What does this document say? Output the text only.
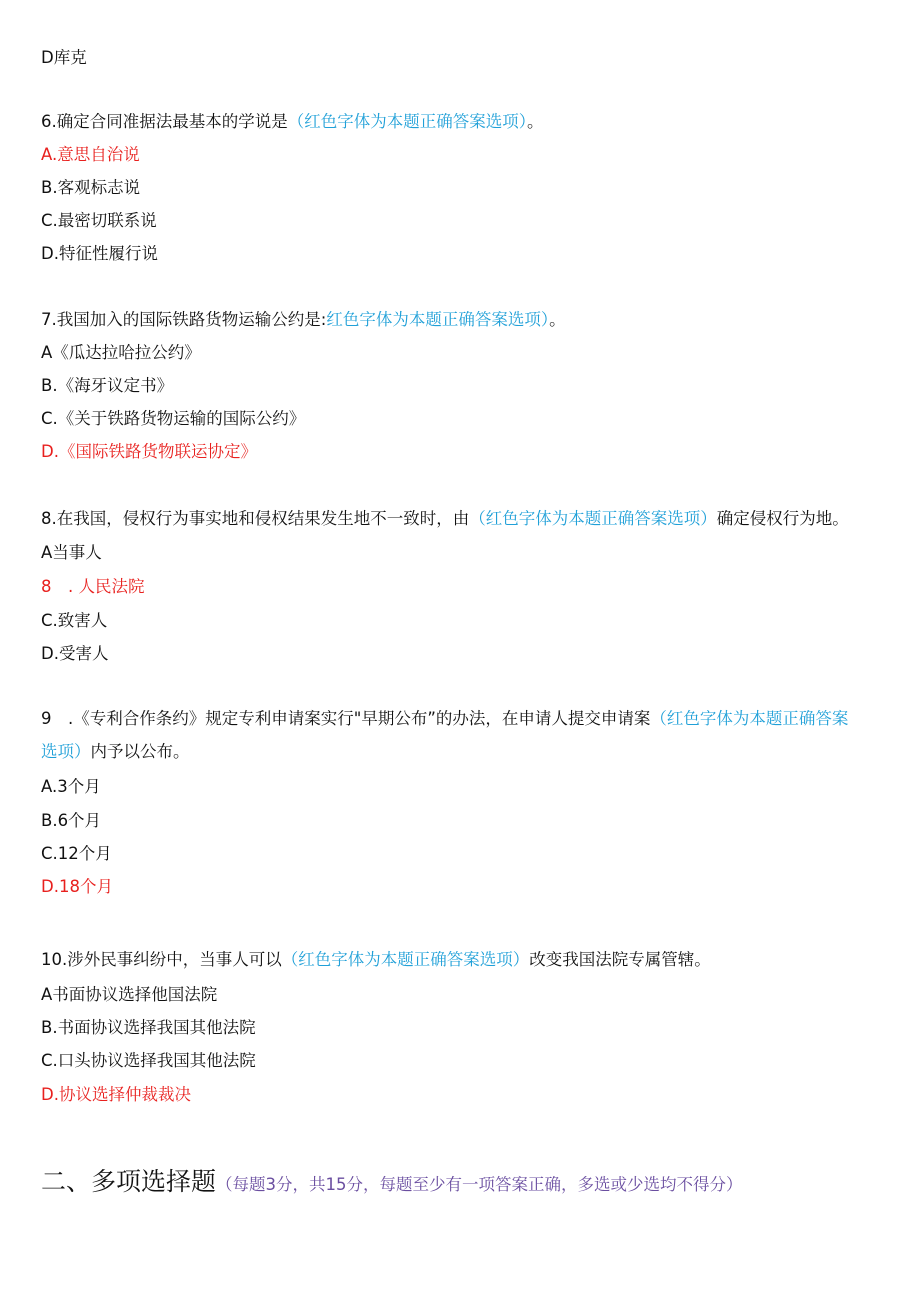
D库克
6.确定合同准据法最基本的学说是（红色字体为本题正确答案选项）。
A.意思自治说
B.客观标志说
C.最密切联系说
D.特征性履行说
7.我国加入的国际铁路货物运输公约是:红色字体为本题正确答案选项）。
A《瓜达拉哈拉公约》
B.《海牙议定书》
C.《关于铁路货物运输的国际公约》
D.《国际铁路货物联运协定》
8.在我国，侵权行为事实地和侵权结果发生地不一致时，由（红色字体为本题正确答案选项）确定侵权行为地。
A当事人
8　. 人民法院
C.致害人
D.受害人
9　.《专利合作条约》规定专利申请案实行"早期公布”的办法，在申请人提交申请案（红色字体为本题正确答案
选项）内予以公布。
A.3个月
B.6个月
C.12个月
D.18个月
10.涉外民事纠纷中，当事人可以（红色字体为本题正确答案选项）改变我国法院专属管辖。
A书面协议选择他国法院
B.书面协议选择我国其他法院
C.口头协议选择我国其他法院
D.协议选择仲裁裁决
二、多项选择题（每题3分，共15分，每题至少有一项答案正确，多选或少选均不得分）
